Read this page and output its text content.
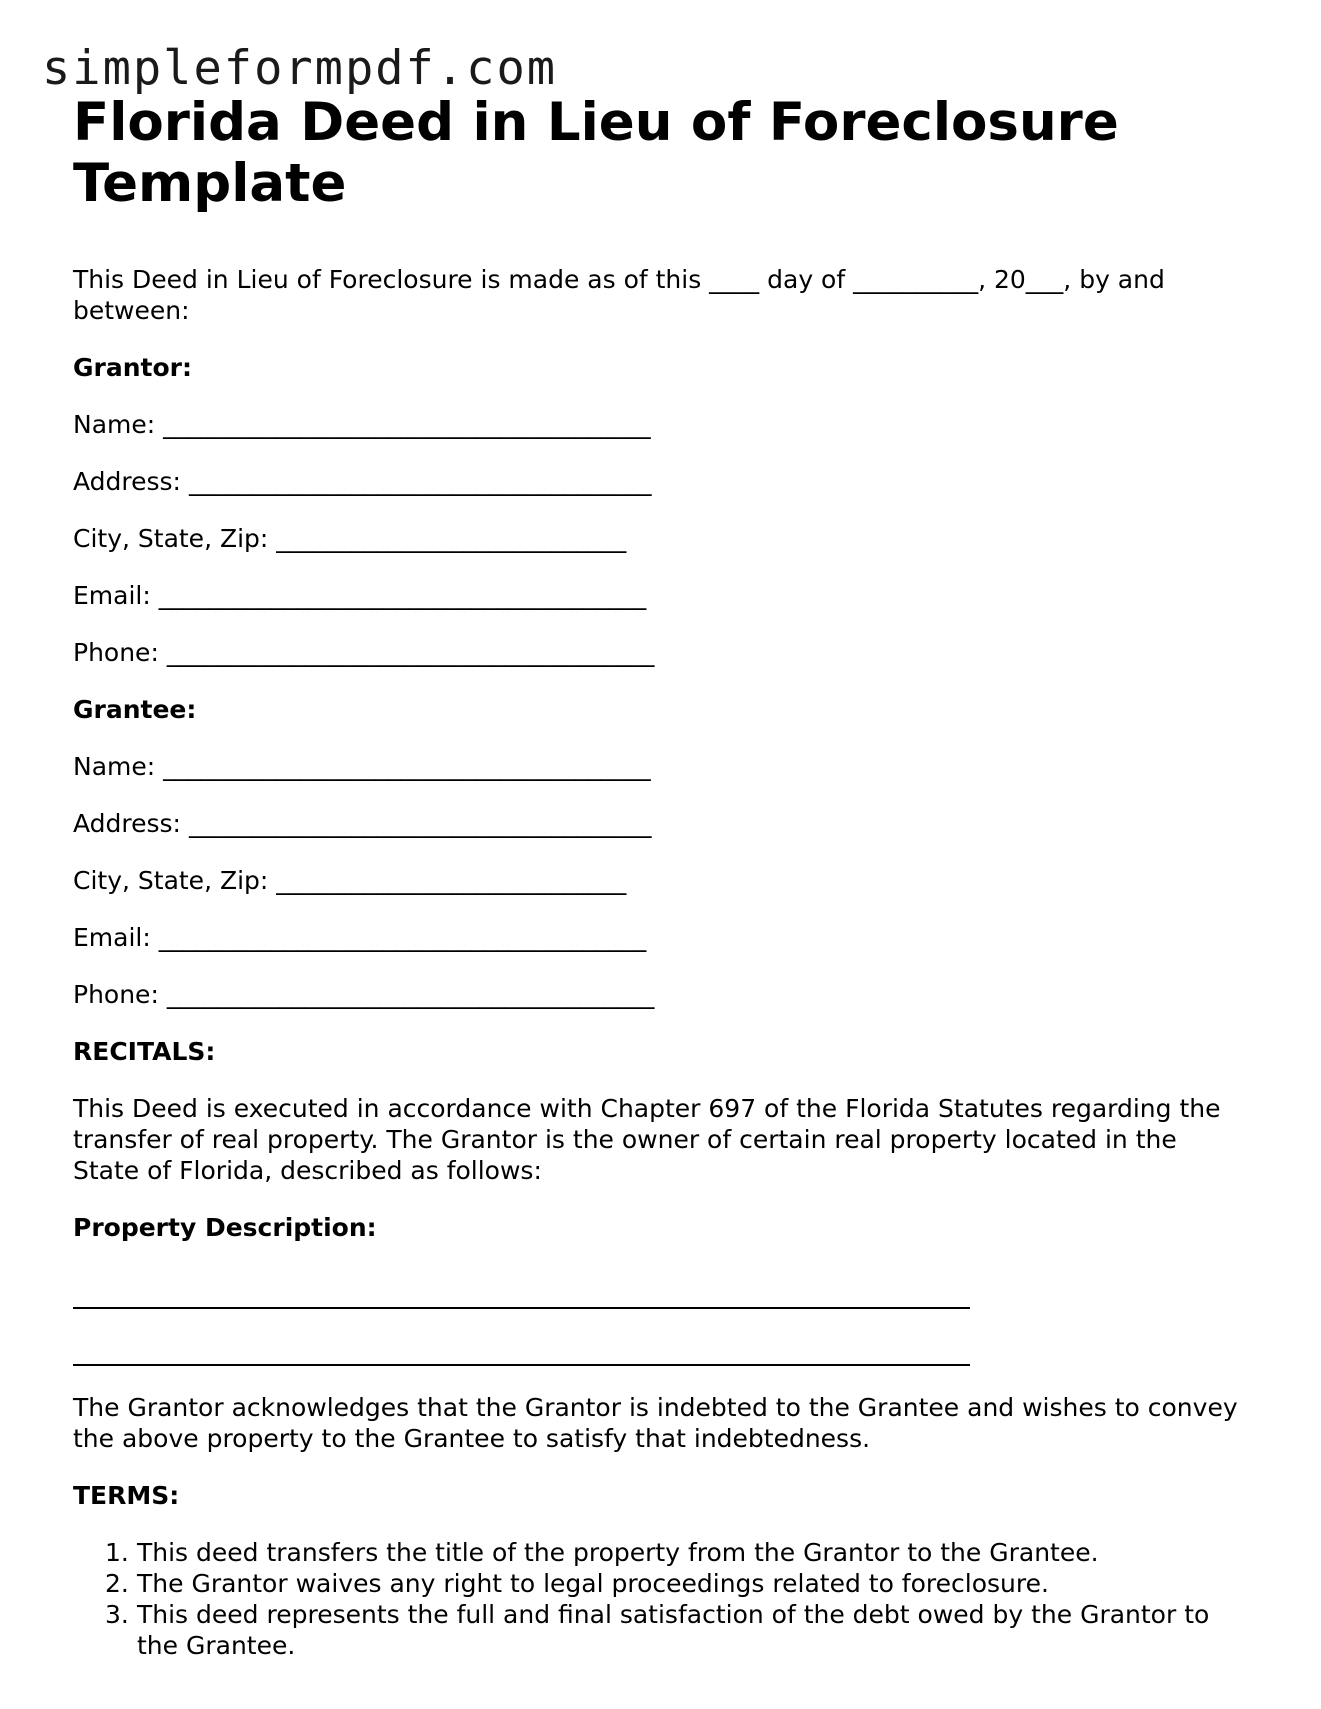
simpleformpdf.com
Florida Deed in Lieu of Foreclosure Template

This Deed in Lieu of Foreclosure is made as of this ____ day of __________, 20___, by and between:

Grantor:
Name: _______________________________________
Address: _____________________________________
City, State, Zip: ____________________________
Email: _______________________________________
Phone: _______________________________________
Grantee:
Name: _______________________________________
Address: _____________________________________
City, State, Zip: ____________________________
Email: _______________________________________
Phone: _______________________________________
RECITALS:

This Deed is executed in accordance with Chapter 697 of the Florida Statutes regarding the transfer of real property. The Grantor is the owner of certain real property located in the State of Florida, described as follows:

Property Description:

The Grantor acknowledges that the Grantor is indebted to the Grantee and wishes to convey the above property to the Grantee to satisfy that indebtedness.

TERMS:
1. This deed transfers the title of the property from the Grantor to the Grantee.
2. The Grantor waives any right to legal proceedings related to foreclosure.
3. This deed represents the full and final satisfaction of the debt owed by the Grantor to the Grantee.
